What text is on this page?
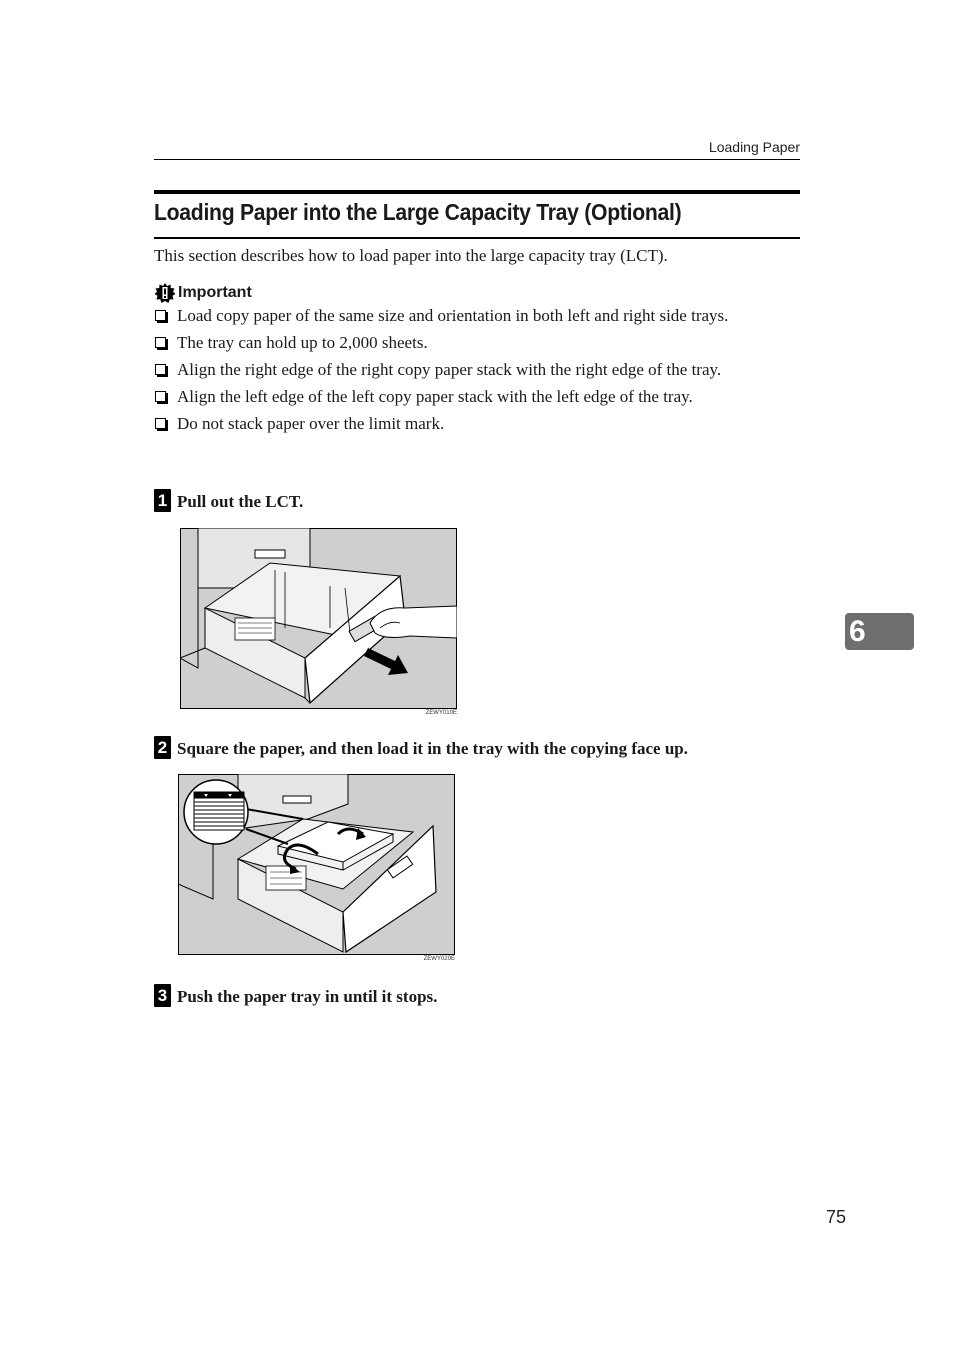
Loading Paper
Loading Paper into the Large Capacity Tray (Optional)
This section describes how to load paper into the large capacity tray (LCT).
Important
Load copy paper of the same size and orientation in both left and right side trays.
The tray can hold up to 2,000 sheets.
Align the right edge of the right copy paper stack with the right edge of the tray.
Align the left edge of the left copy paper stack with the left edge of the tray.
Do not stack paper over the limit mark.
1 Pull out the LCT.
ZEWY010E
2 Square the paper, and then load it in the tray with the copying face up.
ZEWY020E
3 Push the paper tray in until it stops.
6
75
